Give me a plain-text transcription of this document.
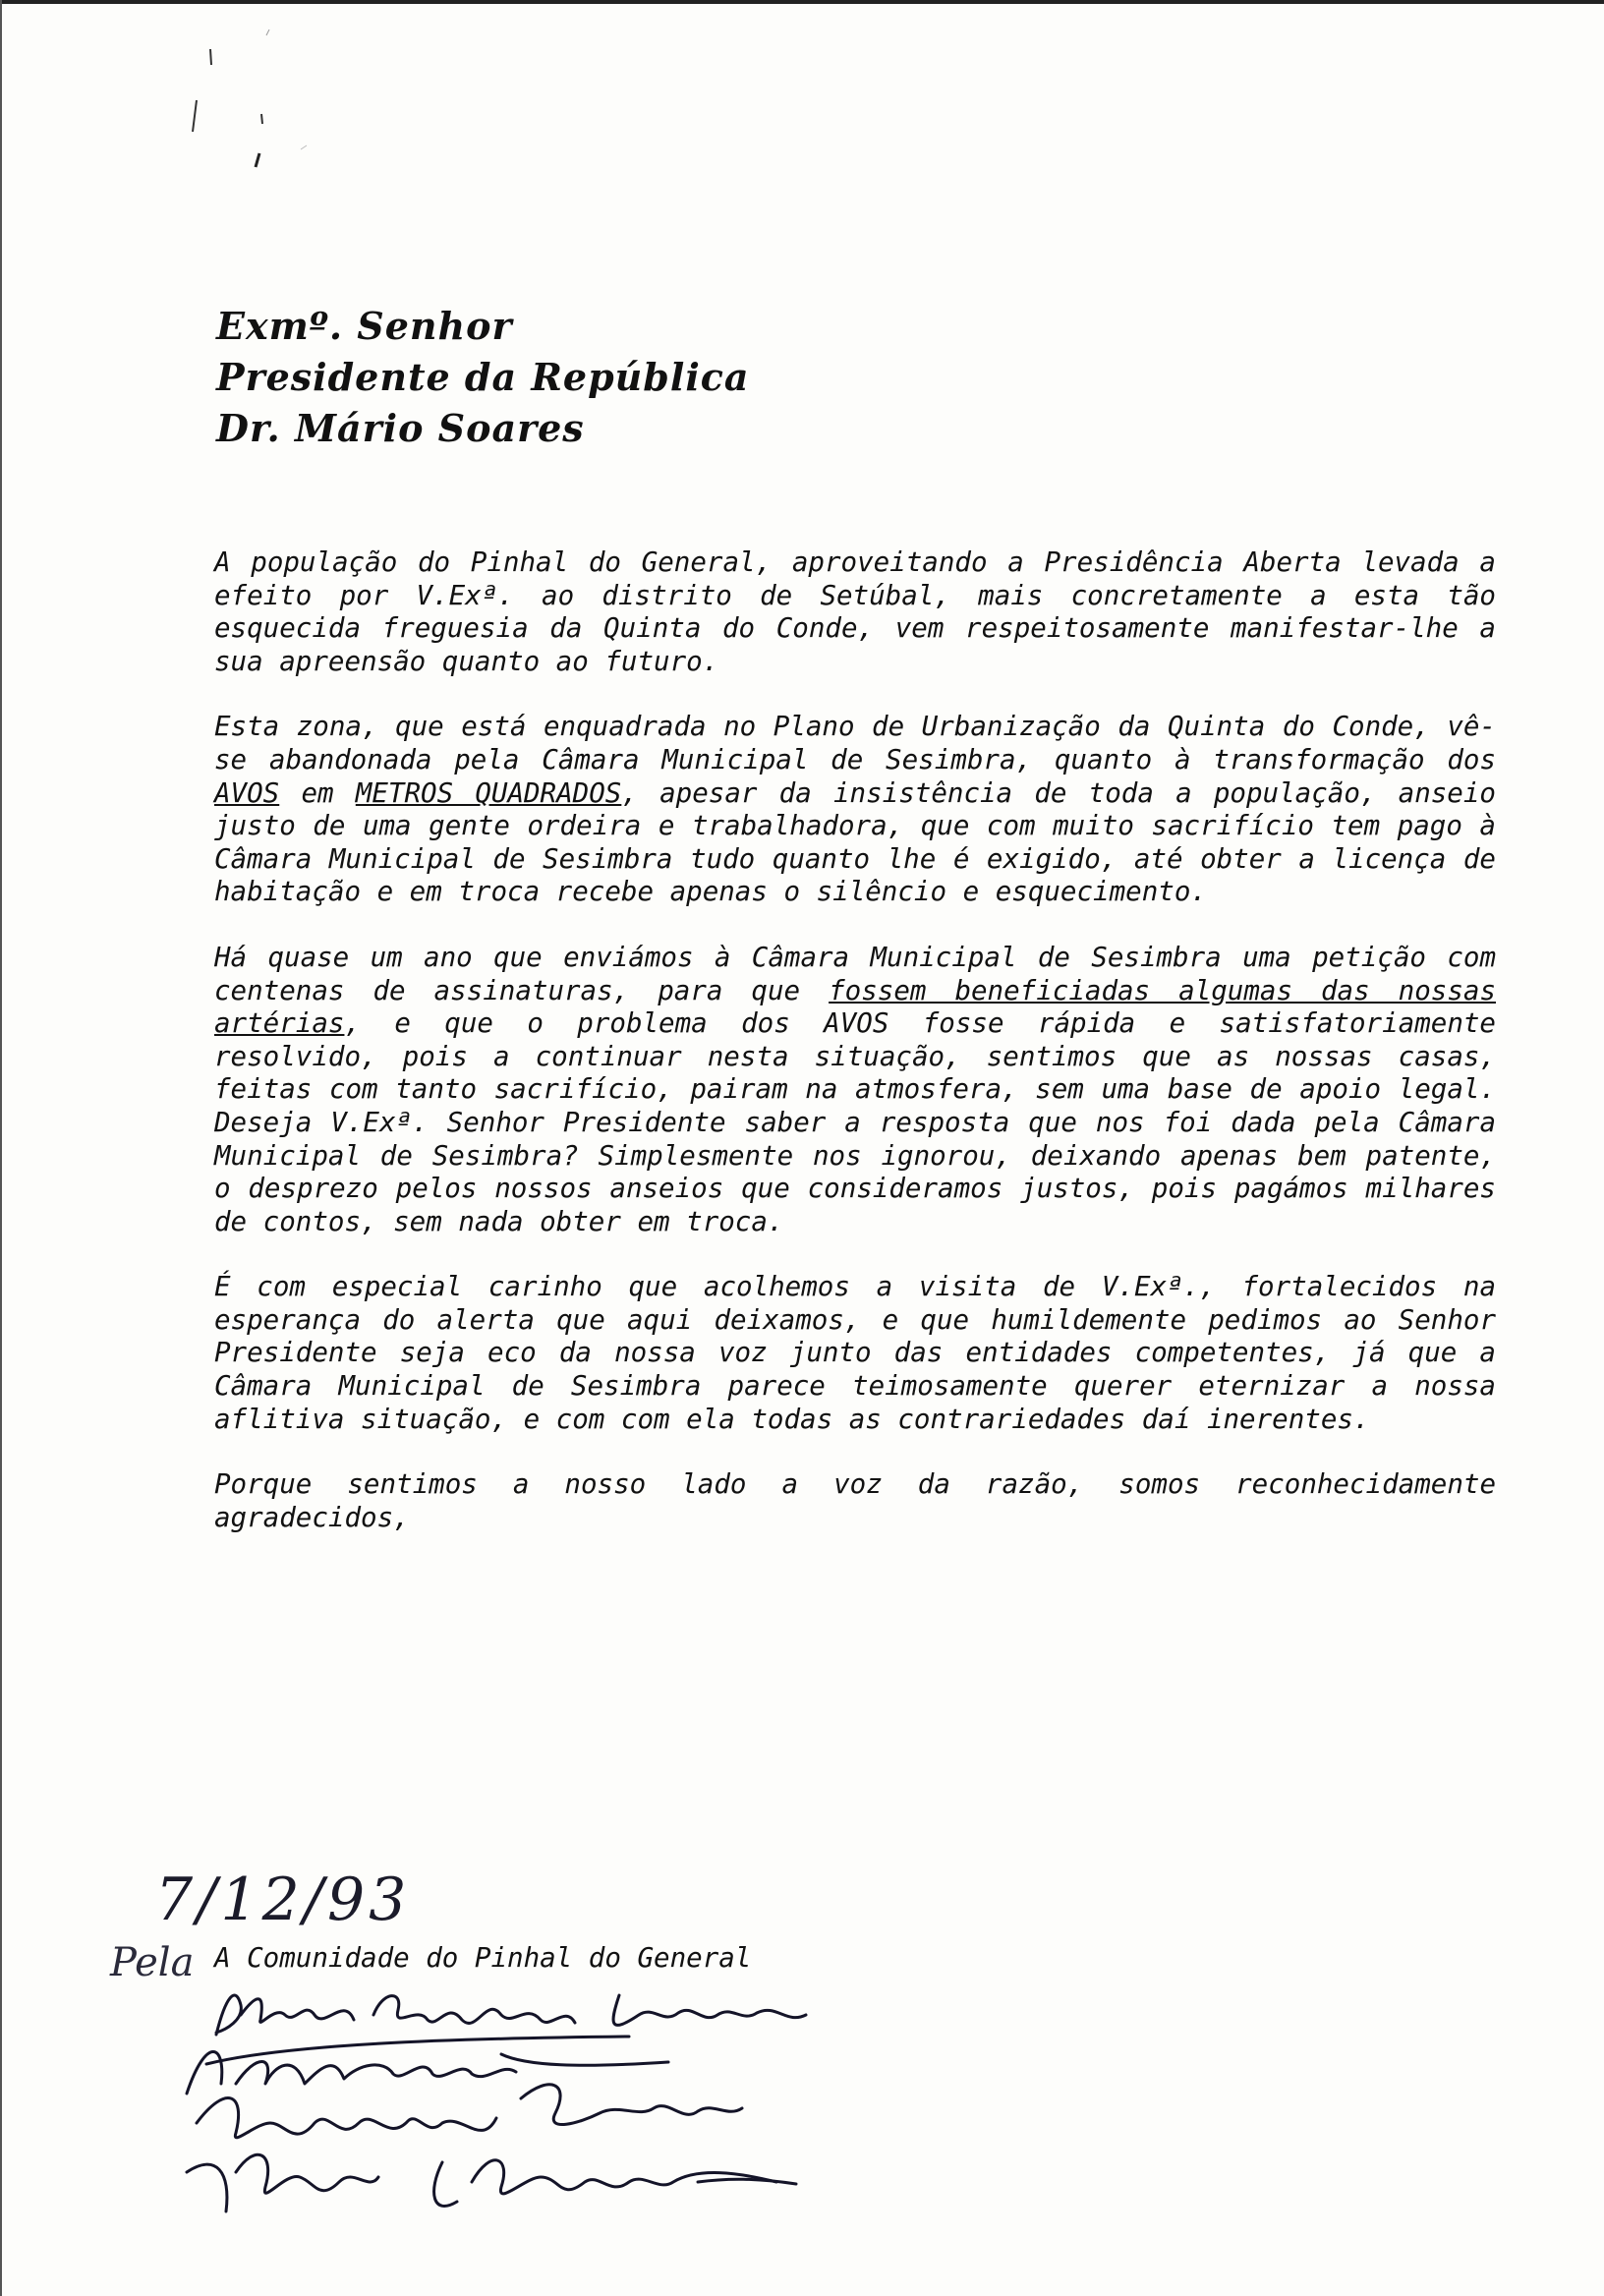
Exmº. Senhor
Presidente da República
Dr. Mário Soares

A população do Pinhal do General, aproveitando a Presidência Aberta levada a efeito por V.Exª. ao distrito de Setúbal, mais concretamente a esta tão esquecida freguesia da Quinta do Conde, vem respeitosamente manifestar-lhe a sua apreensão quanto ao futuro.

Esta zona, que está enquadrada no Plano de Urbanização da Quinta do Conde, vê-se abandonada pela Câmara Municipal de Sesimbra, quanto à transformação dos AVOS em METROS QUADRADOS, apesar da insistência de toda a população, anseio justo de uma gente ordeira e trabalhadora, que com muito sacrifício tem pago à Câmara Municipal de Sesimbra tudo quanto lhe é exigido, até obter a licença de habitação e em troca recebe apenas o silêncio e esquecimento.

Há quase um ano que enviámos à Câmara Municipal de Sesimbra uma petição com centenas de assinaturas, para que fossem beneficiadas algumas das nossas artérias, e que o problema dos AVOS fosse rápida e satisfatoriamente resolvido, pois a continuar nesta situação, sentimos que as nossas casas, feitas com tanto sacrifício, pairam na atmosfera, sem uma base de apoio legal. Deseja V.Exª. Senhor Presidente saber a resposta que nos foi dada pela Câmara Municipal de Sesimbra? Simplesmente nos ignorou, deixando apenas bem patente, o desprezo pelos nossos anseios que consideramos justos, pois pagámos milhares de contos, sem nada obter em troca.

É com especial carinho que acolhemos a visita de V.Exª., fortalecidos na esperança do alerta que aqui deixamos, e que humildemente pedimos ao Senhor Presidente seja eco da nossa voz junto das entidades competentes, já que a Câmara Municipal de Sesimbra parece teimosamente querer eternizar a nossa aflitiva situação, e com com ela todas as contrariedades daí inerentes.

Porque sentimos a nosso lado a voz da razão, somos reconhecidamente agradecidos,

7/12/93
Pela A Comunidade do Pinhal do General
